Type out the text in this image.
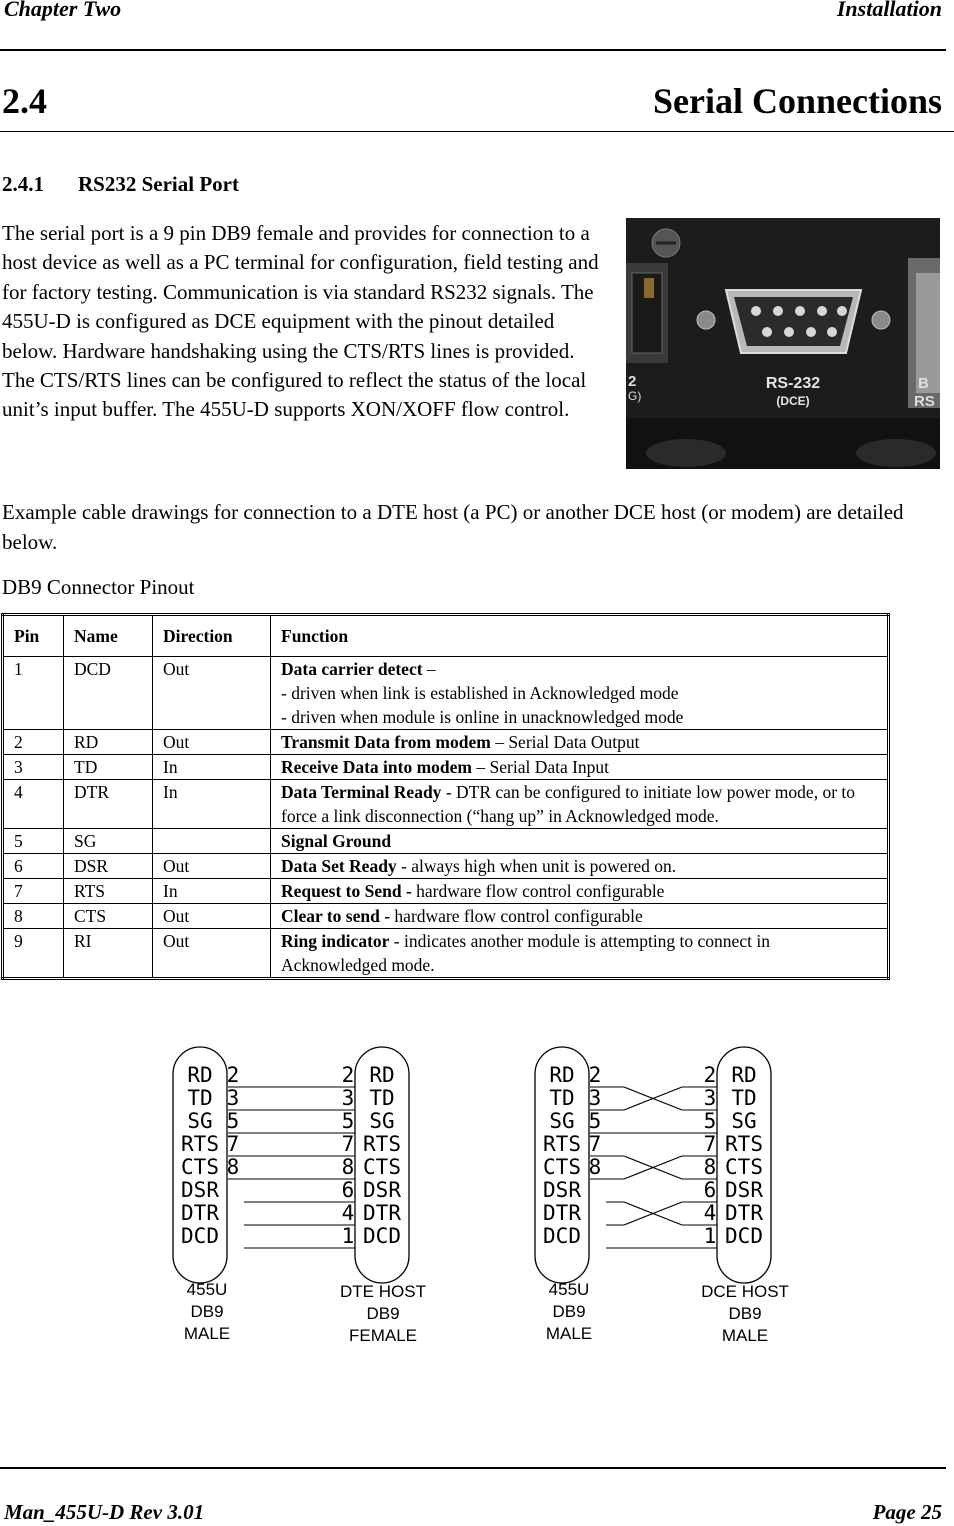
Chapter Two	Installation
2.4	Serial Connections
2.4.1 RS232 Serial Port
The serial port is a 9 pin DB9 female and provides for connection to a host device as well as a PC terminal for configuration, field testing and for factory testing. Communication is via standard RS232 signals. The 455U-D is configured as DCE equipment with the pinout detailed below. Hardware handshaking using the CTS/RTS lines is provided. The CTS/RTS lines can be configured to reflect the status of the local unit’s input buffer. The 455U-D supports XON/XOFF flow control.
2
G)
RS-232
(DCE)
B
RS
Example cable drawings for connection to a DTE host (a PC) or another DCE host (or modem) are detailed below.
DB9 Connector Pinout
Pin	Name	Direction	Function
1	DCD	Out	Data carrier detect –
- driven when link is established in Acknowledged mode
- driven when module is online in unacknowledged mode
2	RD	Out	Transmit Data from modem – Serial Data Output
3	TD	In	Receive Data into modem – Serial Data Input
4	DTR	In	Data Terminal Ready - DTR can be configured to initiate low power mode, or to force a link disconnection (“hang up” in Acknowledged mode.
5	SG		Signal Ground
6	DSR	Out	Data Set Ready - always high when unit is powered on.
7	RTS	In	Request to Send - hardware flow control configurable
8	CTS	Out	Clear to send - hardware flow control configurable
9	RI	Out	Ring indicator - indicates another module is attempting to connect in Acknowledged mode.
RD
TD
SG
RTS
CTS
DSR
DTR
DCD
RD
TD
SG
RTS
CTS
DSR
DTR
DCD
2
3
5
7
8
2
3
5
7
8
6
4
1
455U
DB9
MALE
DTE HOST
DB9
FEMALE
RD
TD
SG
RTS
CTS
DSR
DTR
DCD
RD
TD
SG
RTS
CTS
DSR
DTR
DCD
2
3
5
7
8
2
3
5
7
8
6
4
1
455U
DB9
MALE
DCE HOST
DB9
MALE
Man_455U-D Rev 3.01	Page 25
